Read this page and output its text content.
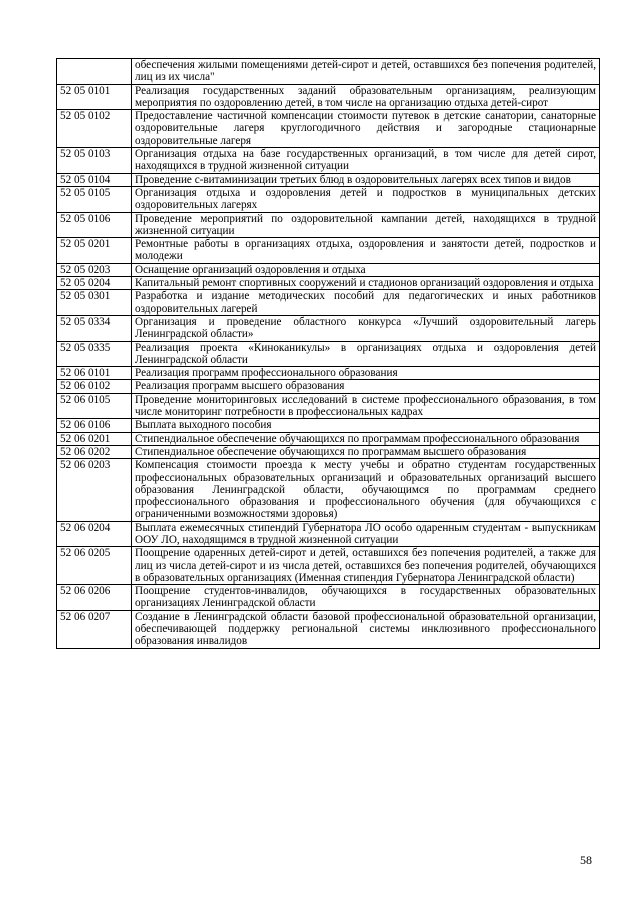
	обеспечения жилыми помещениями детей-сирот и детей, оставшихся без попечения родителей, лиц из их числа"
52 05 0101	Реализация государственных заданий образовательным организациям, реализующим мероприятия по оздоровлению детей, в том числе на организацию отдыха детей-сирот
52 05 0102	Предоставление частичной компенсации стоимости путевок в детские санатории, санаторные оздоровительные лагеря круглогодичного действия и загородные стационарные оздоровительные лагеря
52 05 0103	Организация отдыха на базе государственных организаций, в том числе для детей сирот, находящихся в трудной жизненной ситуации
52 05 0104	Проведение с-витаминизации третьих блюд в оздоровительных лагерях всех типов и видов
52 05 0105	Организация отдыха и оздоровления детей и подростков в муниципальных детских оздоровительных лагерях
52 05 0106	Проведение мероприятий по оздоровительной кампании детей, находящихся в трудной жизненной ситуации
52 05 0201	Ремонтные работы в организациях отдыха, оздоровления и занятости детей, подростков и молодежи
52 05 0203	Оснащение организаций оздоровления и отдыха
52 05 0204	Капитальный ремонт спортивных сооружений и стадионов организаций оздоровления и отдыха
52 05 0301	Разработка и издание методических пособий для педагогических и иных работников оздоровительных лагерей
52 05 0334	Организация и проведение областного конкурса «Лучший оздоровительный лагерь Ленинградской области»
52 05 0335	Реализация проекта «Киноканикулы» в организациях отдыха и оздоровления детей Ленинградской области
52 06 0101	Реализация программ профессионального образования
52 06 0102	Реализация программ высшего образования
52 06 0105	Проведение мониторинговых исследований в системе профессионального образования, в том числе мониторинг потребности в профессиональных кадрах
52 06 0106	Выплата выходного пособия
52 06 0201	Стипендиальное обеспечение обучающихся по программам профессионального образования
52 06 0202	Стипендиальное обеспечение обучающихся по программам высшего образования
52 06 0203	Компенсация стоимости проезда к месту учебы и обратно студентам государственных профессиональных образовательных организаций и образовательных организаций высшего образования Ленинградской области, обучающимся по программам среднего профессионального образования и профессионального обучения (для обучающихся с ограниченными возможностями здоровья)
52 06 0204	Выплата ежемесячных стипендий Губернатора ЛО особо одаренным студентам - выпускникам ООУ ЛО, находящимся в трудной жизненной ситуации
52 06 0205	Поощрение одаренных детей-сирот и детей, оставшихся без попечения родителей, а также для лиц из числа детей-сирот и из числа детей, оставшихся без попечения родителей, обучающихся в образовательных организациях (Именная стипендия Губернатора Ленинградской области)
52 06 0206	Поощрение студентов-инвалидов, обучающихся в государственных образовательных организациях Ленинградской области
52 06 0207	Создание в Ленинградской области базовой профессиональной образовательной организации, обеспечивающей поддержку региональной системы инклюзивного профессионального образования инвалидов
58
